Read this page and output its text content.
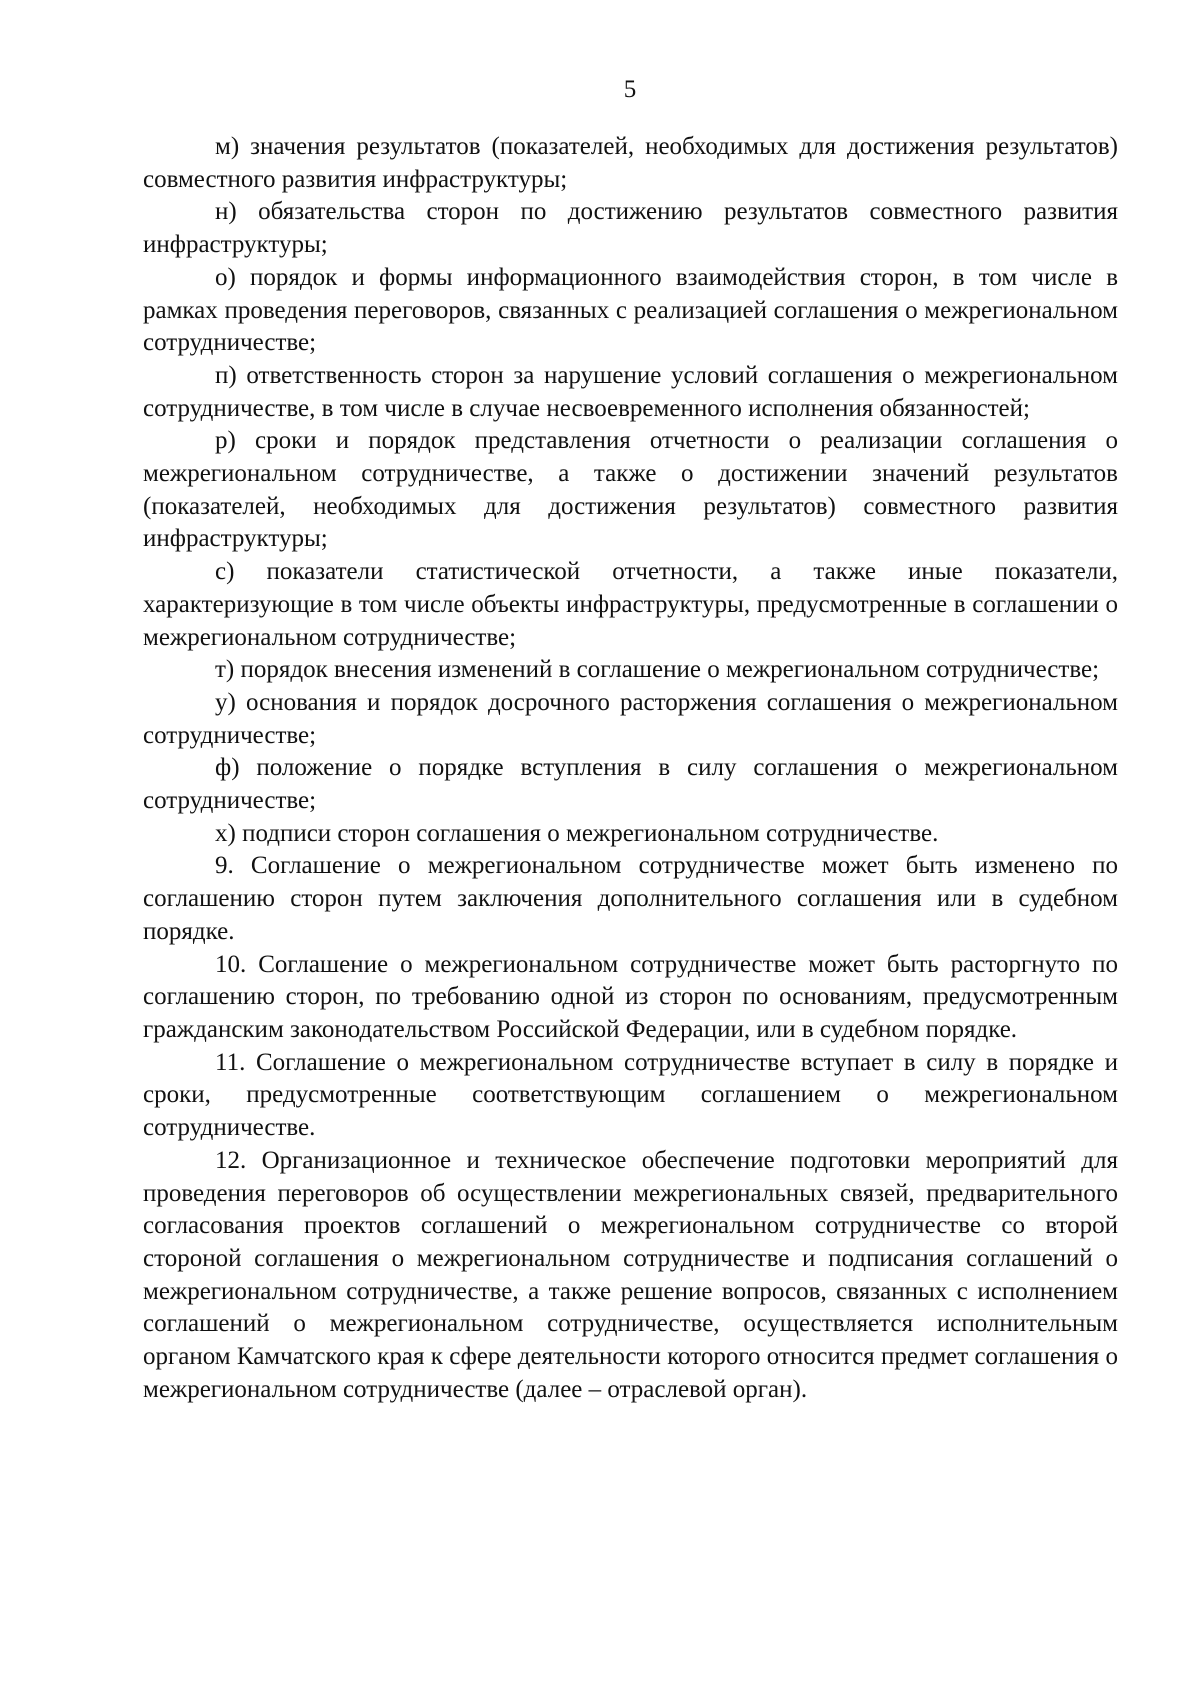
5

м) значения результатов (показателей, необходимых для достижения результатов) совместного развития инфраструктуры;

н) обязательства сторон по достижению результатов совместного развития инфраструктуры;

о) порядок и формы информационного взаимодействия сторон, в том числе в рамках проведения переговоров, связанных с реализацией соглашения о межрегиональном сотрудничестве;

п) ответственность сторон за нарушение условий соглашения о межрегиональном сотрудничестве, в том числе в случае несвоевременного исполнения обязанностей;

р) сроки и порядок представления отчетности о реализации соглашения о межрегиональном сотрудничестве, а также о достижении значений результатов (показателей, необходимых для достижения результатов) совместного развития инфраструктуры;

с) показатели статистической отчетности, а также иные показатели, характеризующие в том числе объекты инфраструктуры, предусмотренные в соглашении о межрегиональном сотрудничестве;

т) порядок внесения изменений в соглашение о межрегиональном сотрудничестве;

у) основания и порядок досрочного расторжения соглашения о межрегиональном сотрудничестве;

ф) положение о порядке вступления в силу соглашения о межрегиональном сотрудничестве;

х) подписи сторон соглашения о межрегиональном сотрудничестве.

9. Соглашение о межрегиональном сотрудничестве может быть изменено по соглашению сторон путем заключения дополнительного соглашения или в судебном порядке.

10. Соглашение о межрегиональном сотрудничестве может быть расторгнуто по соглашению сторон, по требованию одной из сторон по основаниям, предусмотренным гражданским законодательством Российской Федерации, или в судебном порядке.

11. Соглашение о межрегиональном сотрудничестве вступает в силу в порядке и сроки, предусмотренные соответствующим соглашением о межрегиональном сотрудничестве.

12. Организационное и техническое обеспечение подготовки мероприятий для проведения переговоров об осуществлении межрегиональных связей, предварительного согласования проектов соглашений о межрегиональном сотрудничестве со второй стороной соглашения о межрегиональном сотрудничестве и подписания соглашений о межрегиональном сотрудничестве, а также решение вопросов, связанных с исполнением соглашений о межрегиональном сотрудничестве, осуществляется исполнительным органом Камчатского края к сфере деятельности которого относится предмет соглашения о межрегиональном сотрудничестве (далее – отраслевой орган).
